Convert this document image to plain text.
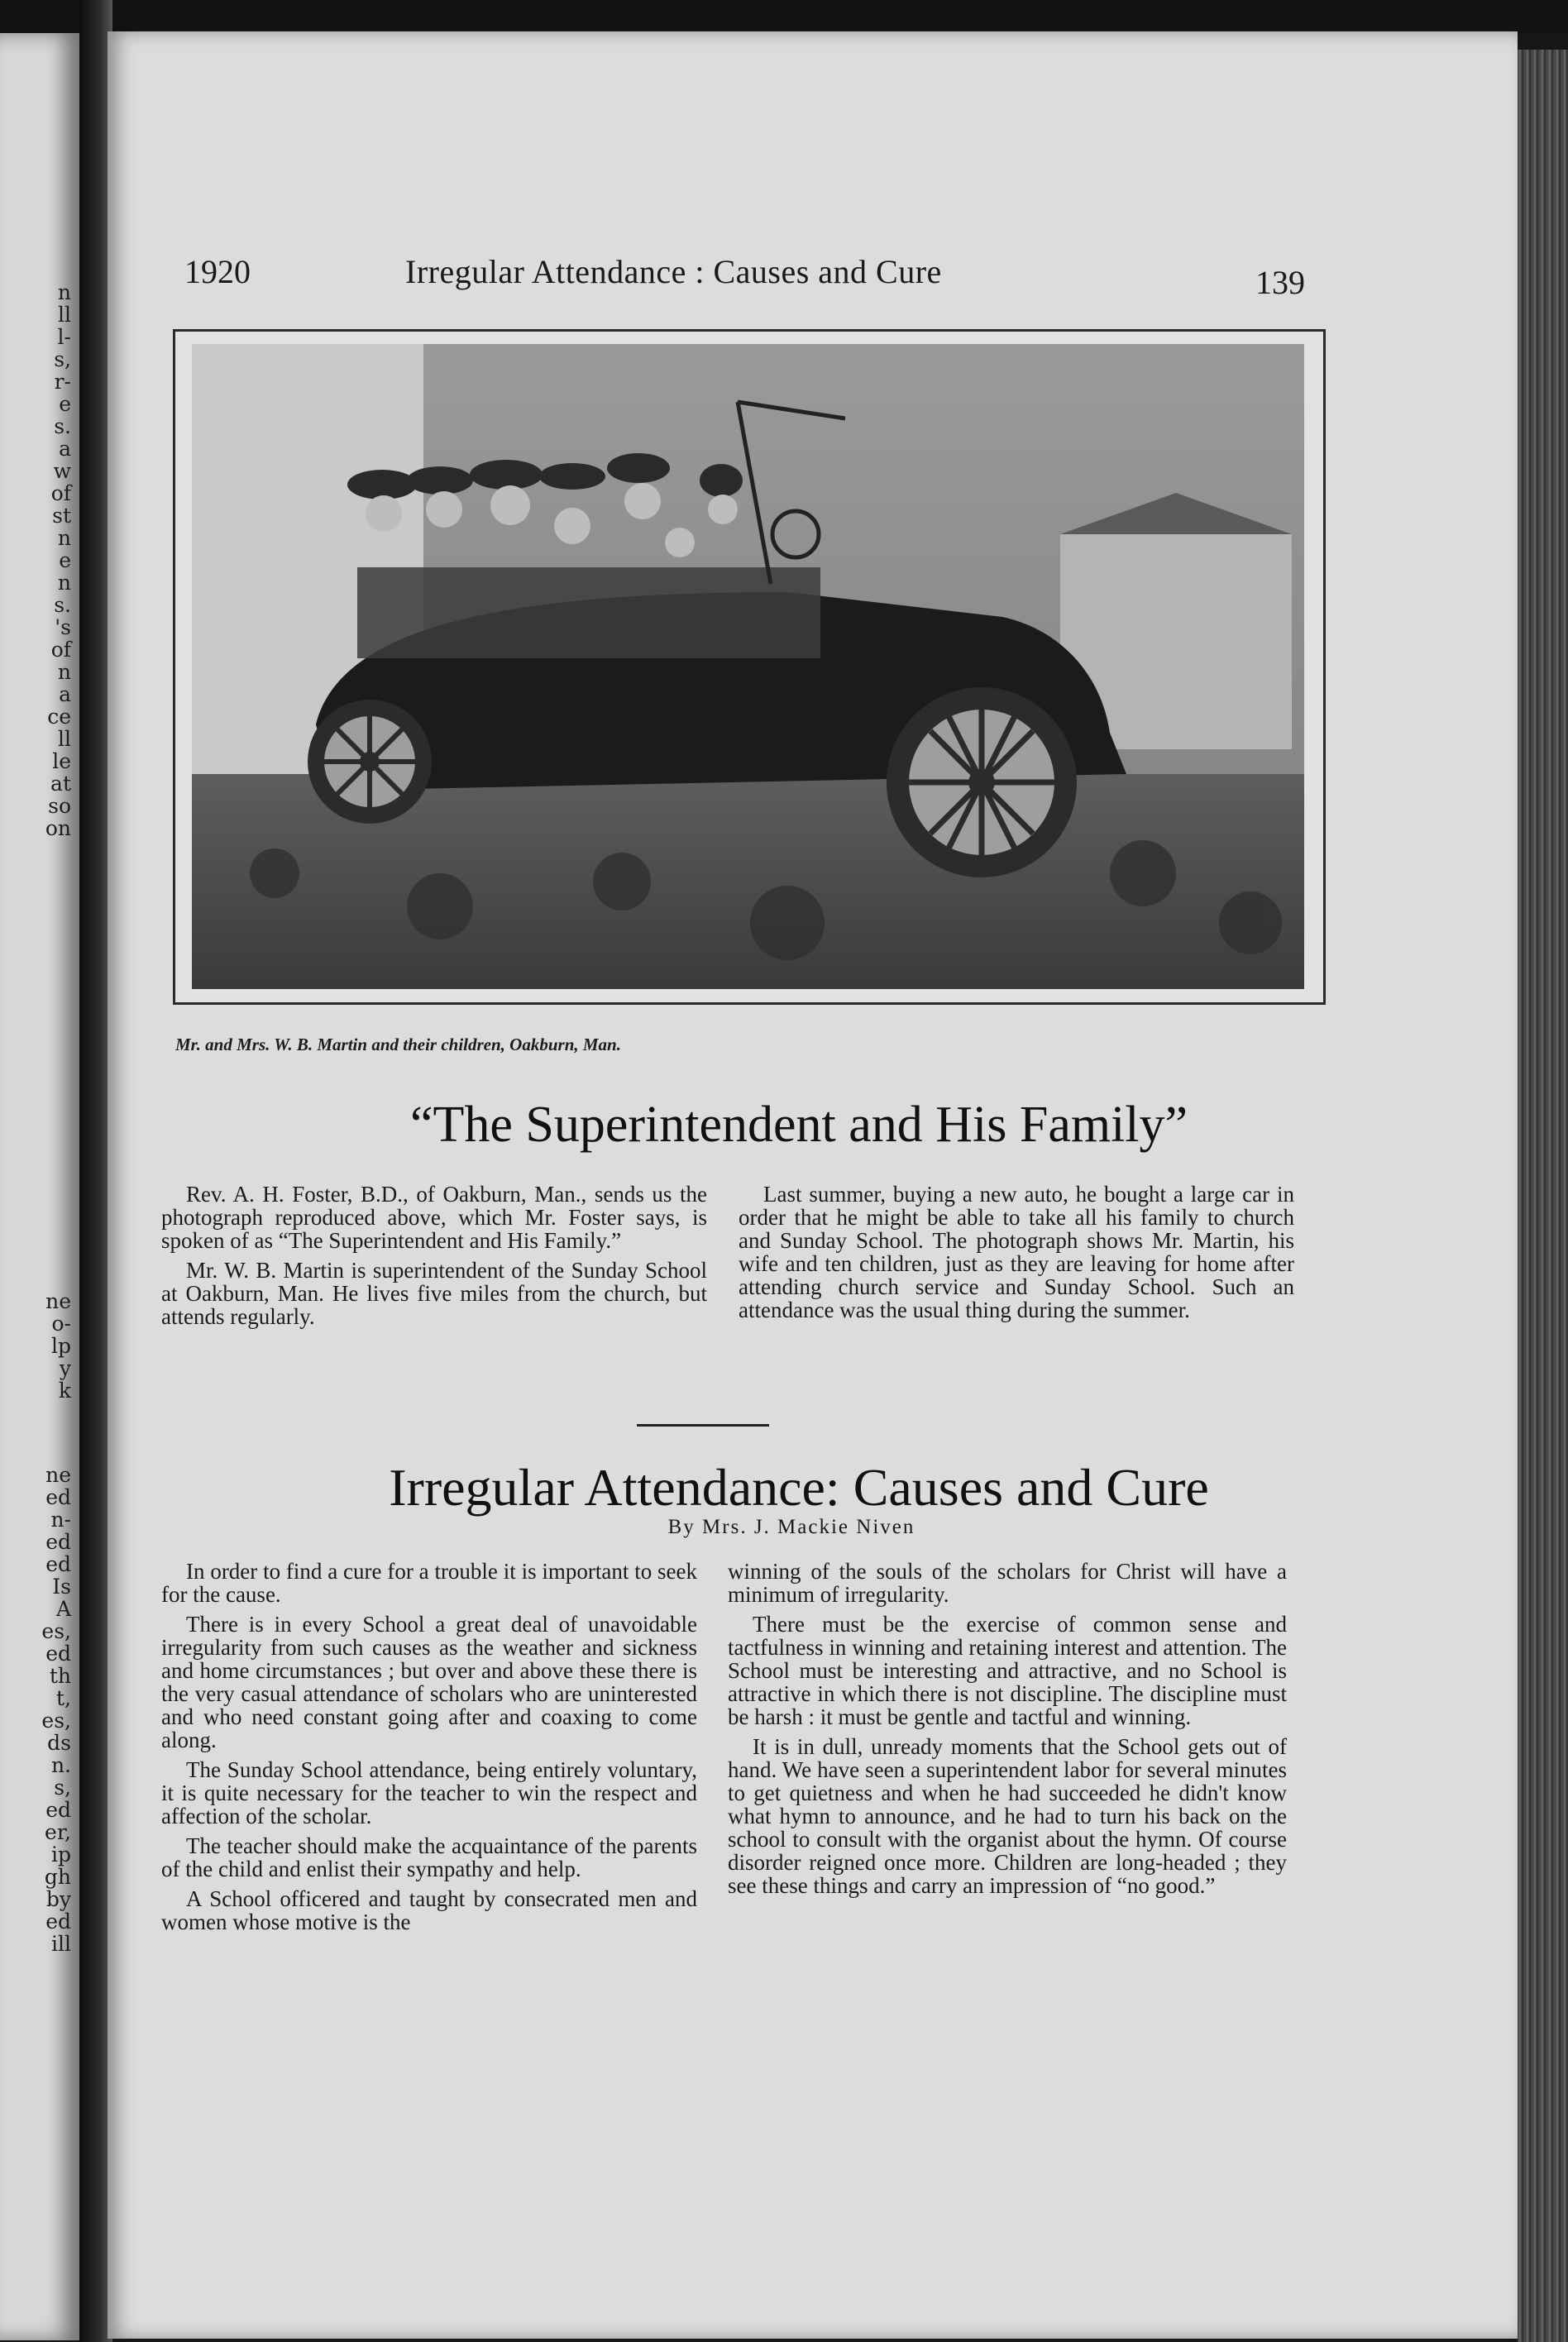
n
ll
l-
s,
r-
e
s.
a
w
of
st
n
e
n
s.
's
of
n
a
ce
ll
le
at
so
on
ne
o-
lp
y
k
ne
ed
n-
ed
ed
Is
A
es,
ed
th
t,
es,
ds
n.
s,
ed
er,
ip
gh
by
ed
ill
1920	Irregular Attendance : Causes and Cure	139
Mr. and Mrs. W. B. Martin and their children, Oakburn, Man.
“The Superintendent and His Family”

Rev. A. H. Foster, B.D., of Oakburn, Man., sends us the photograph reproduced above, which Mr. Foster says, is spoken of as “The Superintendent and His Family.”

Mr. W. B. Martin is superintendent of the Sunday School at Oakburn, Man. He lives five miles from the church, but attends regularly.

Last summer, buying a new auto, he bought a large car in order that he might be able to take all his family to church and Sunday School. The photograph shows Mr. Martin, his wife and ten children, just as they are leaving for home after attending church service and Sunday School. Such an attendance was the usual thing during the summer.

Irregular Attendance: Causes and Cure
By Mrs. J. Mackie Niven

In order to find a cure for a trouble it is important to seek for the cause.

There is in every School a great deal of unavoidable irregularity from such causes as the weather and sickness and home circumstances ; but over and above these there is the very casual attendance of scholars who are uninterested and who need constant going after and coaxing to come along.

The Sunday School attendance, being entirely voluntary, it is quite necessary for the teacher to win the respect and affection of the scholar.

The teacher should make the acquaintance of the parents of the child and enlist their sympathy and help.

A School officered and taught by consecrated men and women whose motive is the

winning of the souls of the scholars for Christ will have a minimum of irregularity.

There must be the exercise of common sense and tactfulness in winning and retaining interest and attention. The School must be interesting and attractive, and no School is attractive in which there is not discipline. The discipline must be harsh : it must be gentle and tactful and winning.

It is in dull, unready moments that the School gets out of hand. We have seen a superintendent labor for several minutes to get quietness and when he had succeeded he didn't know what hymn to announce, and he had to turn his back on the school to consult with the organist about the hymn. Of course disorder reigned once more. Children are long-headed ; they see these things and carry an impression of “no good.”
